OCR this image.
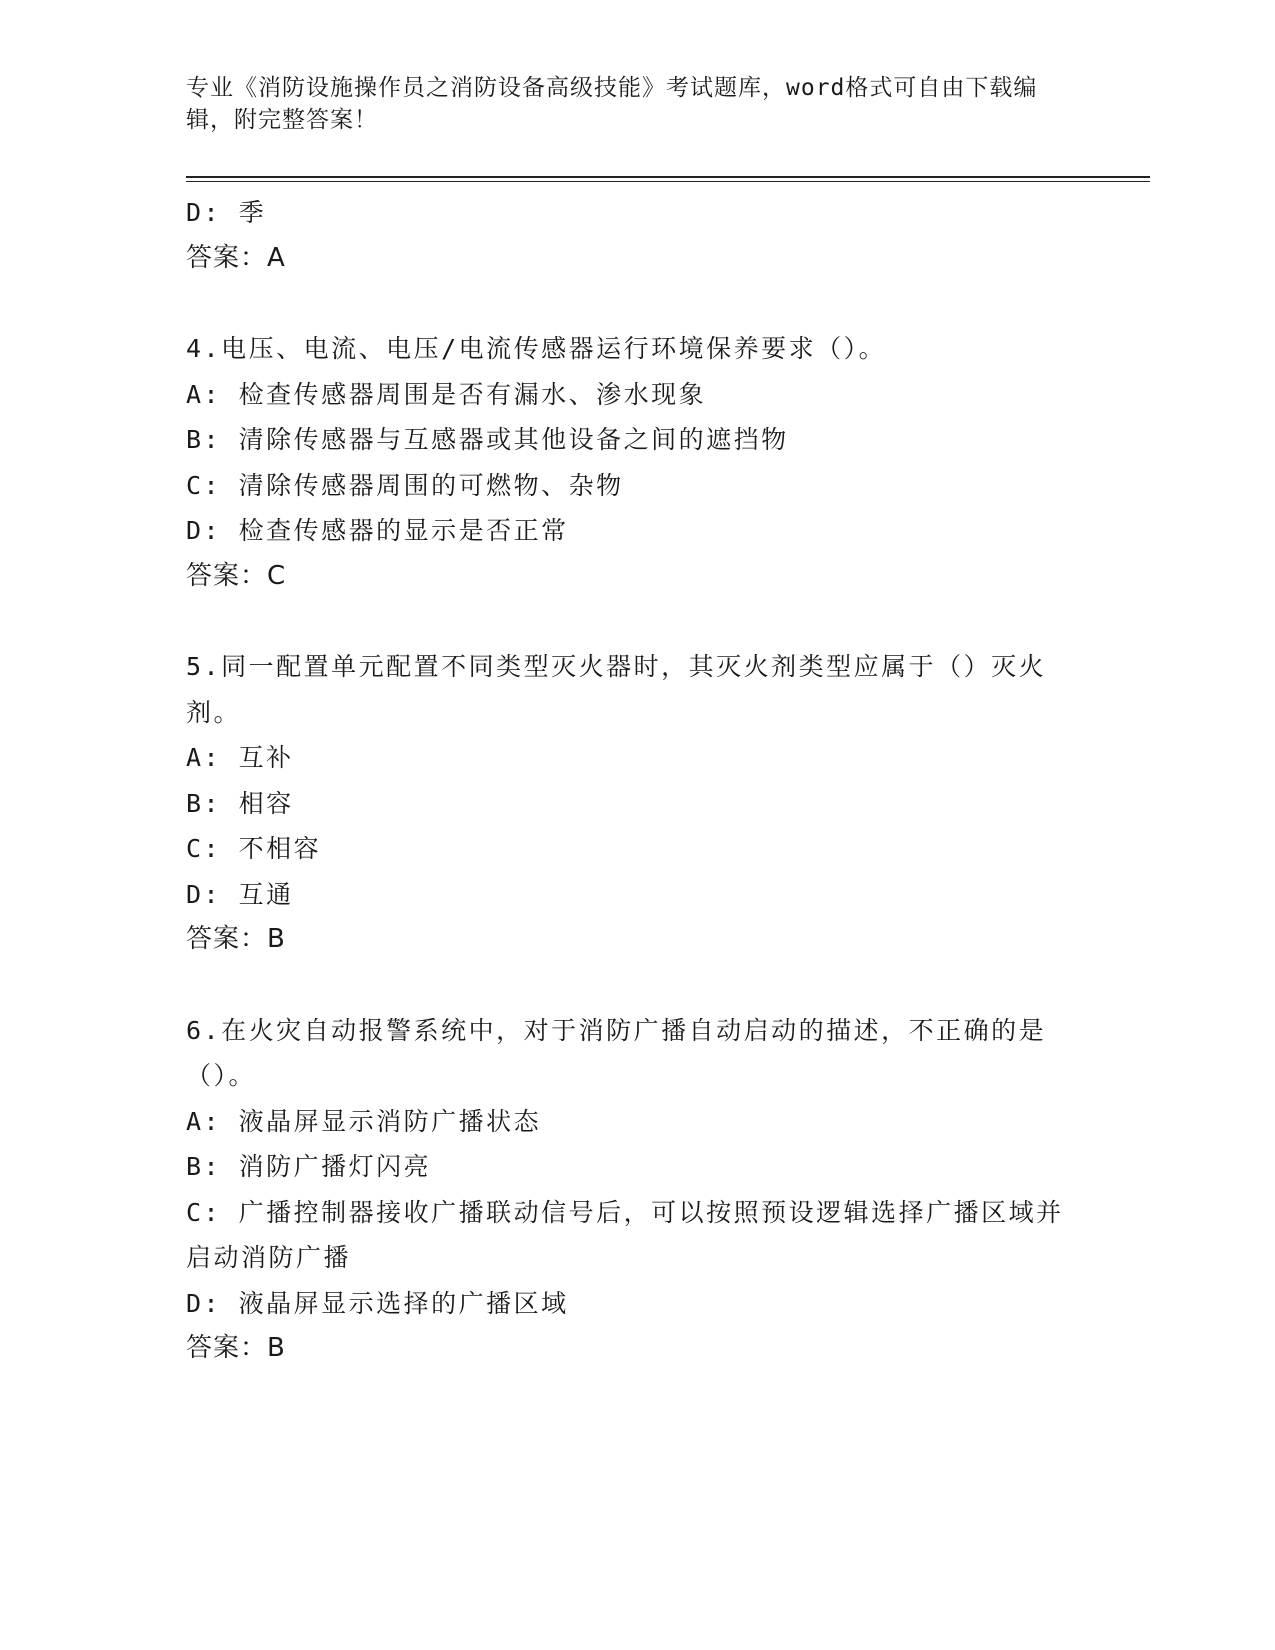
专业《消防设施操作员之消防设备高级技能》考试题库，word格式可自由下载编辑，附完整答案！
D: 季
答案：A
4.电压、电流、电压/电流传感器运行环境保养要求（）。
A: 检查传感器周围是否有漏水、渗水现象
B: 清除传感器与互感器或其他设备之间的遮挡物
C: 清除传感器周围的可燃物、杂物
D: 检查传感器的显示是否正常
答案：C
5.同一配置单元配置不同类型灭火器时，其灭火剂类型应属于（）灭火剂。
A: 互补
B: 相容
C: 不相容
D: 互通
答案：B
6.在火灾自动报警系统中，对于消防广播自动启动的描述，不正确的是（）。
A: 液晶屏显示消防广播状态
B: 消防广播灯闪亮
C: 广播控制器接收广播联动信号后，可以按照预设逻辑选择广播区域并启动消防广播
D: 液晶屏显示选择的广播区域
答案：B
